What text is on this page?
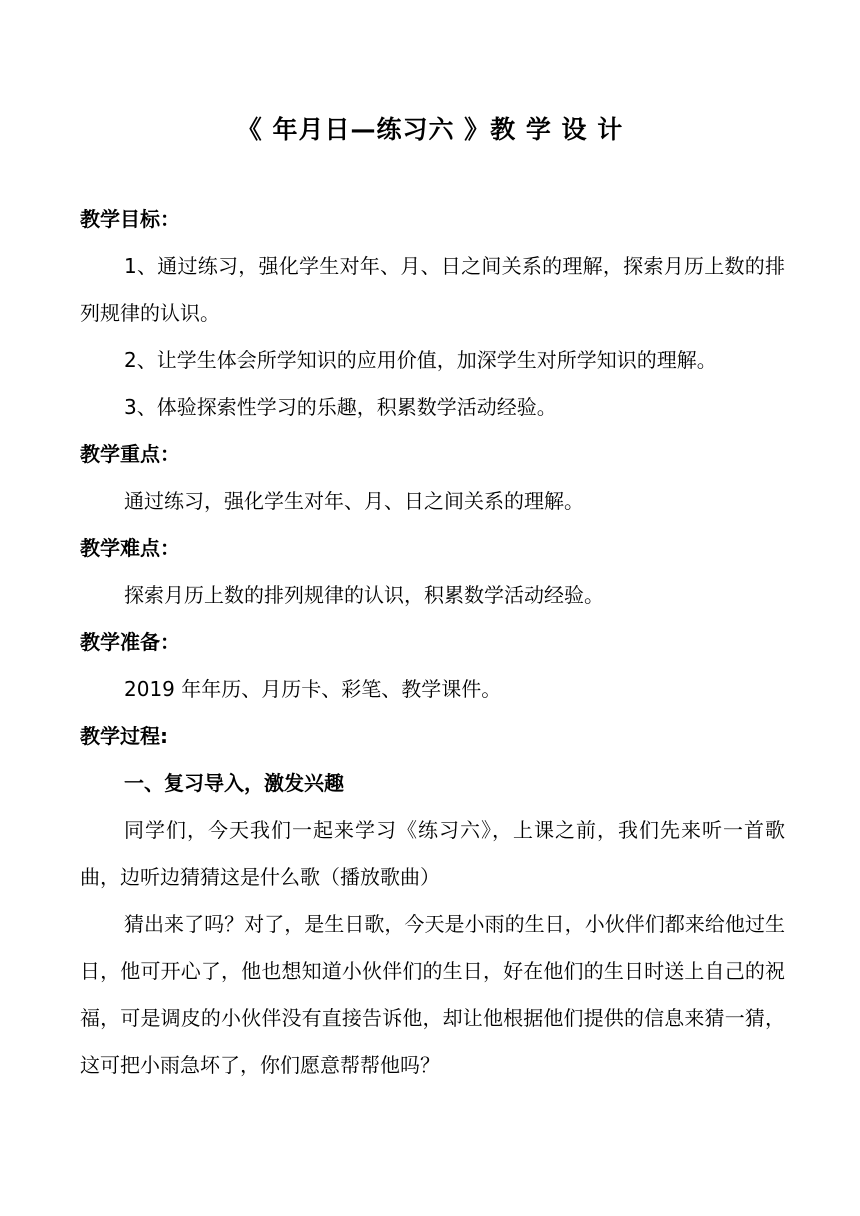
《 年月日—练习六 》教 学 设 计
教学目标：
1、通过练习，强化学生对年、月、日之间关系的理解，探索月历上数的排列规律的认识。
2、让学生体会所学知识的应用价值，加深学生对所学知识的理解。
3、体验探索性学习的乐趣，积累数学活动经验。
教学重点：
通过练习，强化学生对年、月、日之间关系的理解。
教学难点：
探索月历上数的排列规律的认识，积累数学活动经验。
教学准备：
2019 年年历、月历卡、彩笔、教学课件。
教学过程:
一、复习导入，激发兴趣
同学们，今天我们一起来学习《练习六》，上课之前，我们先来听一首歌曲，边听边猜猜这是什么歌（播放歌曲）
猜出来了吗？对了，是生日歌，今天是小雨的生日，小伙伴们都来给他过生日，他可开心了，他也想知道小伙伴们的生日，好在他们的生日时送上自己的祝福，可是调皮的小伙伴没有直接告诉他，却让他根据他们提供的信息来猜一猜，这可把小雨急坏了，你们愿意帮帮他吗？
